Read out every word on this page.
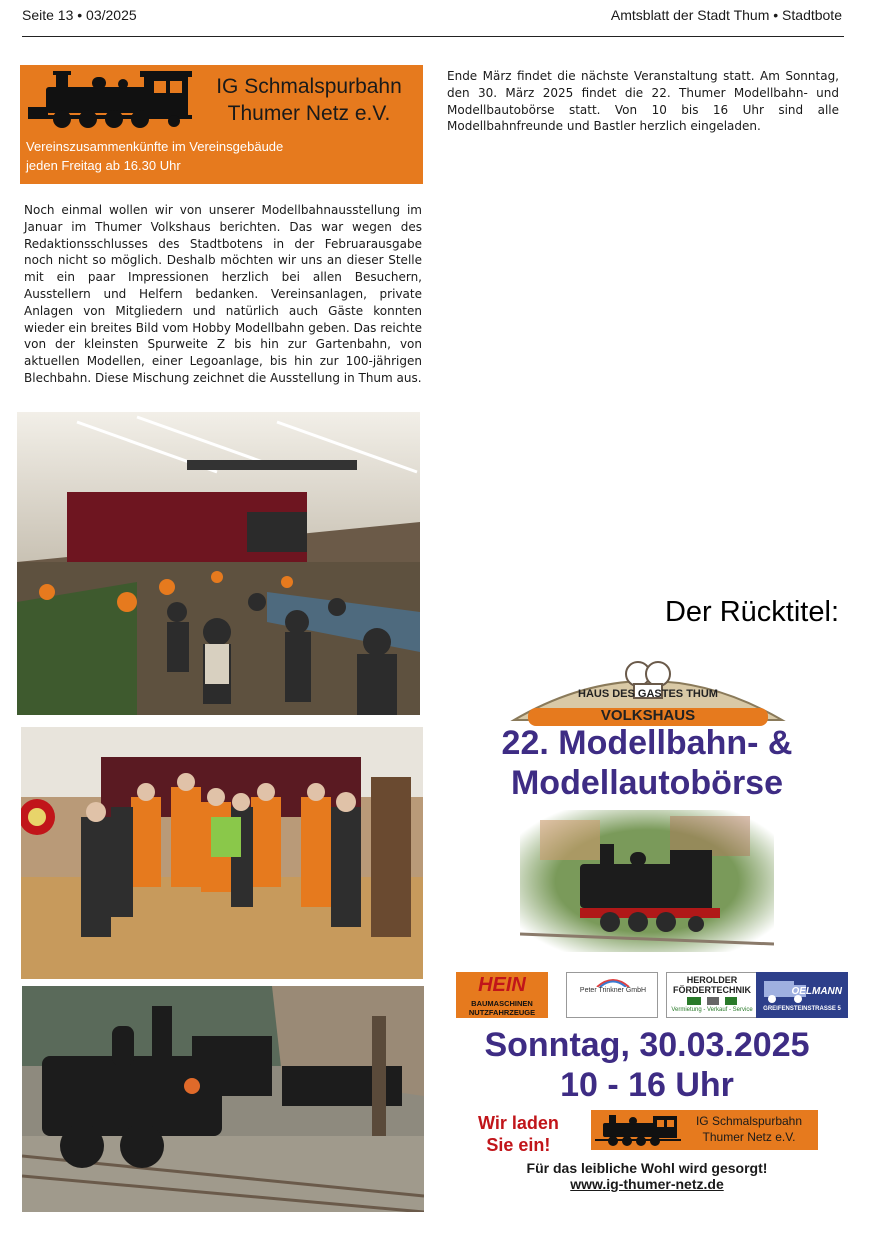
Seite 13 • 03/2025	Amtsblatt der Stadt Thum • Stadtbote
IG Schmalspurbahn
Thumer Netz e.V.
Vereinszusammenkünfte im Vereinsgebäude
jeden Freitag ab 16.30 Uhr

Noch einmal wollen wir von unserer Modellbahnausstellung im Januar im Thumer Volkshaus berichten. Das war wegen des Redaktionsschlusses des Stadtbotens in der Februarausgabe noch nicht so möglich. Deshalb möchten wir uns an dieser Stelle mit ein paar Impressionen herzlich bei allen Besuchern, Ausstellern und Helfern bedanken. Vereinsanlagen, private Anlagen von Mitgliedern und natürlich auch Gäste konnten wieder ein breites Bild vom Hobby Modellbahn geben. Das reichte von der kleinsten Spurweite Z bis hin zur Gartenbahn, von aktuellen Modellen, einer Legoanlage, bis hin zur 100-jährigen Blechbahn. Diese Mischung zeichnet die Ausstellung in Thum aus.

Ende März findet die nächste Veranstaltung statt. Am Sonntag, den 30. März 2025 findet die 22. Thumer Modellbahn- und Modellbautobörse statt. Von 10 bis 16 Uhr sind alle Modellbahnfreunde und Bastler herzlich eingeladen.

Der Rücktitel:
HAUS DES GASTES THUM
VOLKSHAUS
22. Modellbahn- &
Modellautobörse
HEIN
BAUMASCHINEN
NUTZFAHRZEUGE
Peter Trinkner GmbH
HEROLDER
FÖRDERTECHNIK
Vermietung - Verkauf - Service
OELMANN
GREIFENSTEINSTRASSE 5
Sonntag, 30.03.2025
10 - 16 Uhr
Wir laden
Sie ein!
IG Schmalspurbahn
Thumer Netz e.V.
Für das leibliche Wohl wird gesorgt!
www.ig-thumer-netz.de
